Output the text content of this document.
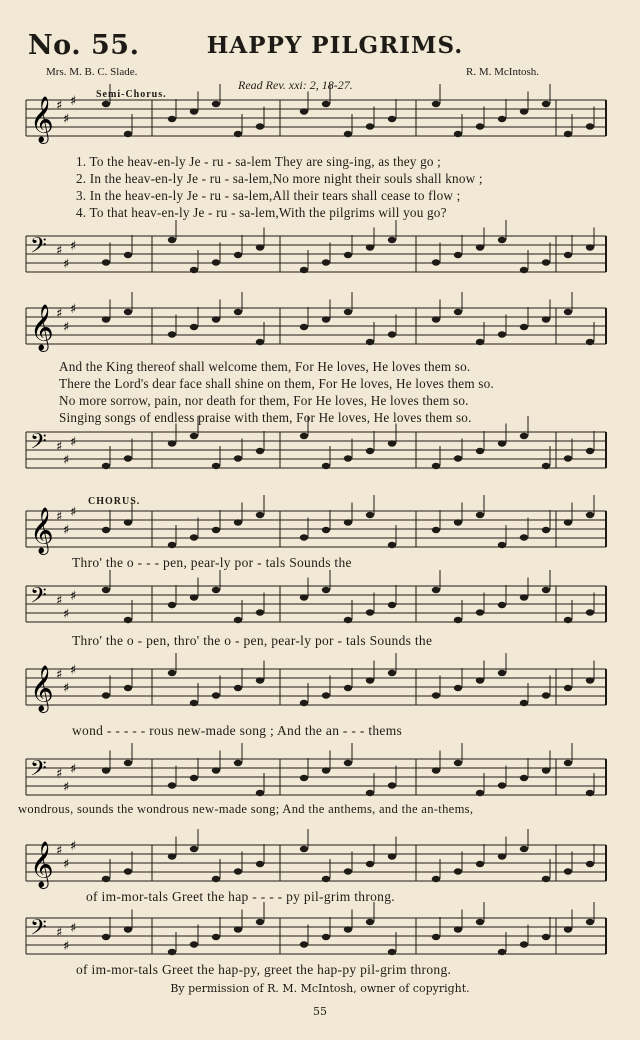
No. 55.	HAPPY PILGRIMS.
Mrs. M. B. C. Slade.
Read Rev. xxi: 2, 18-27.
R. M. McIntosh.
Semi-Chorus.
𝄞 ♯
♯
♯
1. To the heav-en-ly Je - ru - sa-lem They are sing-ing, as they go ;
2. In the heav-en-ly Je - ru - sa-lem,No more night their souls shall know ;
3. In the heav-en-ly Je - ru - sa-lem,All their tears shall cease to flow ;
4. To that heav-en-ly Je - ru - sa-lem,With the pilgrims will you go?
𝄢 ♯
♯
♯
𝄞 ♯
♯
♯
And the King thereof shall welcome them, For He loves, He loves them so.
There the Lord's dear face shall shine on them, For He loves, He loves them so.
No more sorrow, pain, nor death for them, For He loves, He loves them so.
Singing songs of endless praise with them, For He loves, He loves them so.
𝄢 ♯
♯
♯
CHORUS.
𝄞 ♯
♯
♯
Thro' the o - - - pen, pear-ly por - tals Sounds the
𝄢 ♯
♯
♯
Thro' the o - pen, thro' the o - pen, pear-ly por - tals Sounds the
𝄞 ♯
♯
♯
wond - - - - - rous new-made song ; And the an - - - thems
𝄢 ♯
♯
♯
wondrous, sounds the wondrous new-made song; And the anthems, and the an-thems,
𝄞 ♯
♯
♯
of im-mor-tals Greet the hap - - - - py pil-grim throng.
𝄢 ♯
♯
♯
of im-mor-tals Greet the hap-py, greet the hap-py pil-grim throng.
By permission of R. M. McIntosh, owner of copyright.
55
